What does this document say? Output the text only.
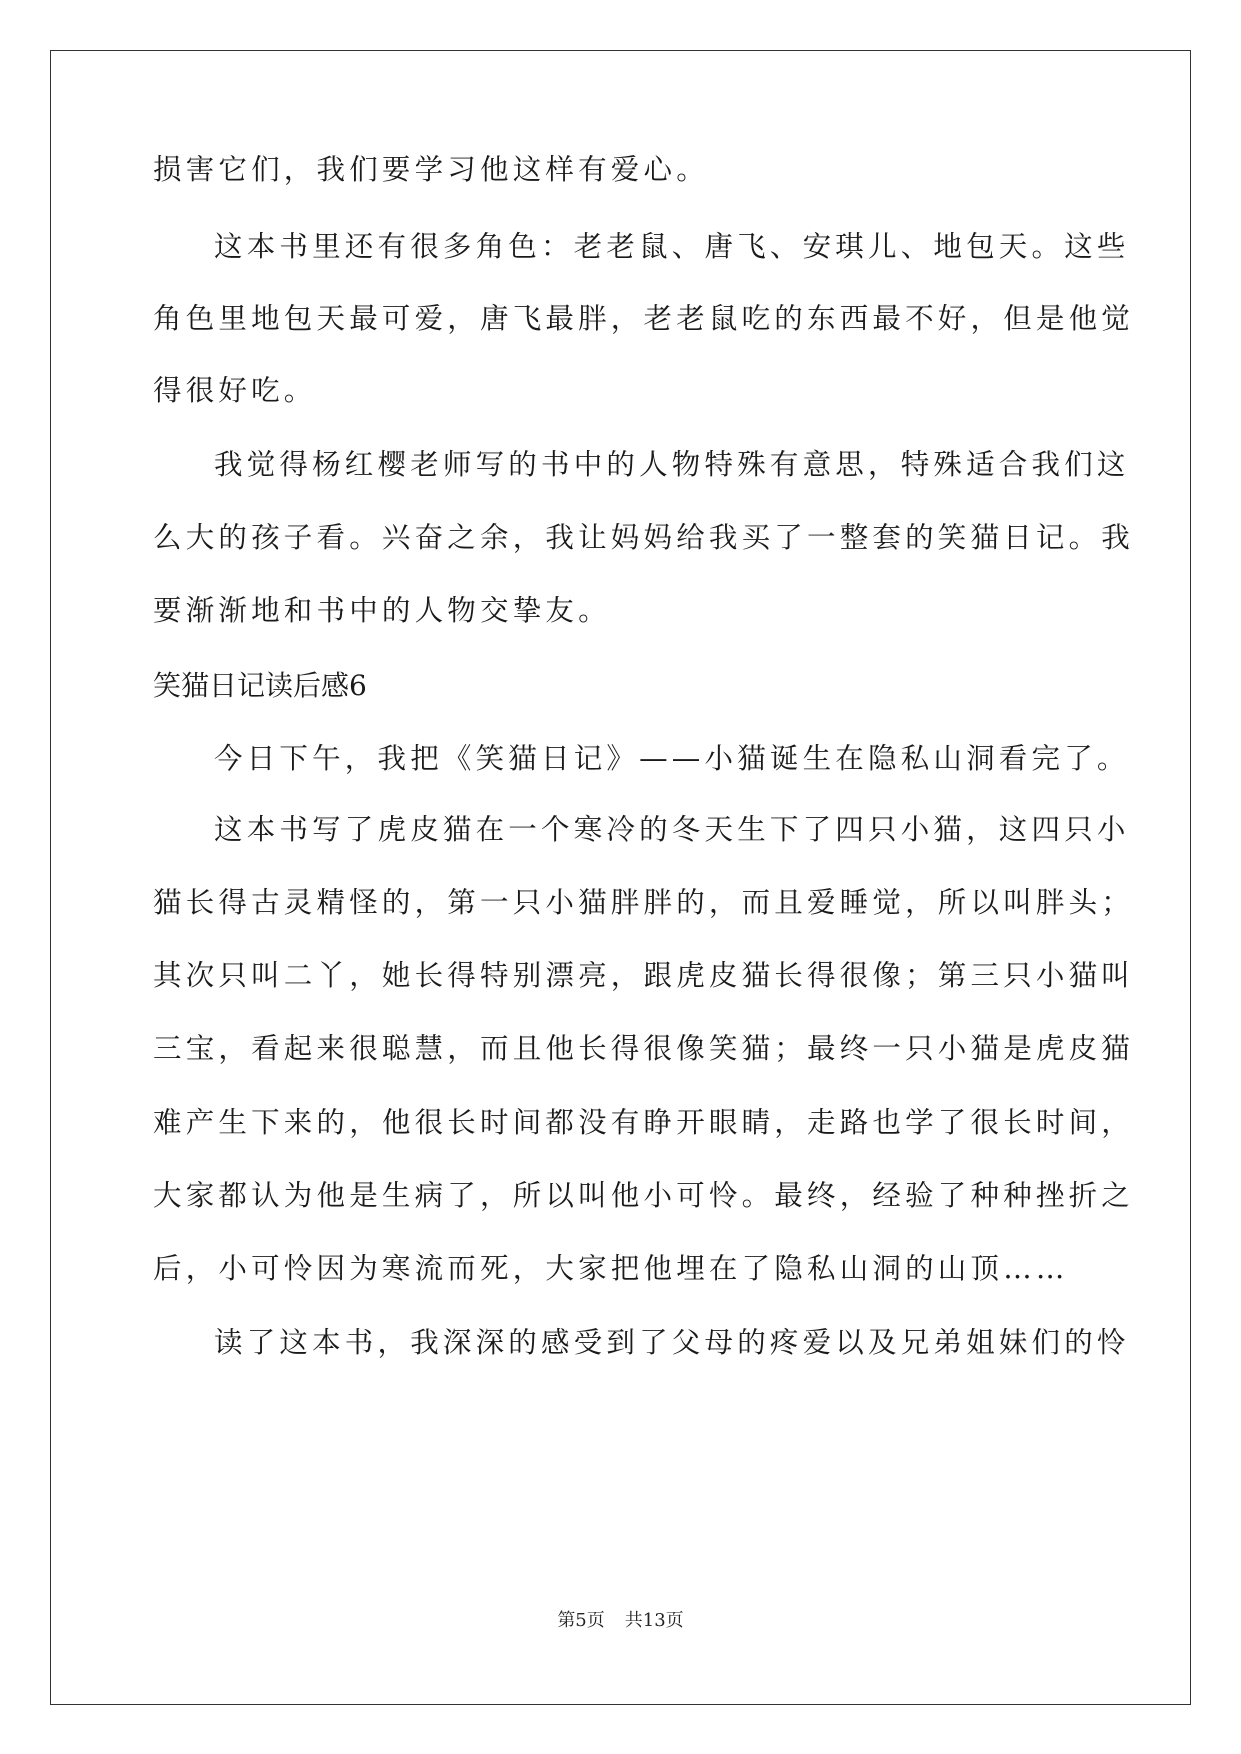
损害它们，我们要学习他这样有爱心。
这本书里还有很多角色：老老鼠、唐飞、安琪儿、地包天。这些
角色里地包天最可爱，唐飞最胖，老老鼠吃的东西最不好，但是他觉
得很好吃。
我觉得杨红樱老师写的书中的人物特殊有意思，特殊适合我们这
么大的孩子看。兴奋之余，我让妈妈给我买了一整套的笑猫日记。我
要渐渐地和书中的人物交挚友。
笑猫日记读后感6
今日下午，我把《笑猫日记》——小猫诞生在隐私山洞看完了。
这本书写了虎皮猫在一个寒冷的冬天生下了四只小猫，这四只小
猫长得古灵精怪的，第一只小猫胖胖的，而且爱睡觉，所以叫胖头；
其次只叫二丫，她长得特别漂亮，跟虎皮猫长得很像；第三只小猫叫
三宝，看起来很聪慧，而且他长得很像笑猫；最终一只小猫是虎皮猫
难产生下来的，他很长时间都没有睁开眼睛，走路也学了很长时间，
大家都认为他是生病了，所以叫他小可怜。最终，经验了种种挫折之
后，小可怜因为寒流而死，大家把他埋在了隐私山洞的山顶……
读了这本书，我深深的感受到了父母的疼爱以及兄弟姐妹们的怜
第5页 共13页
